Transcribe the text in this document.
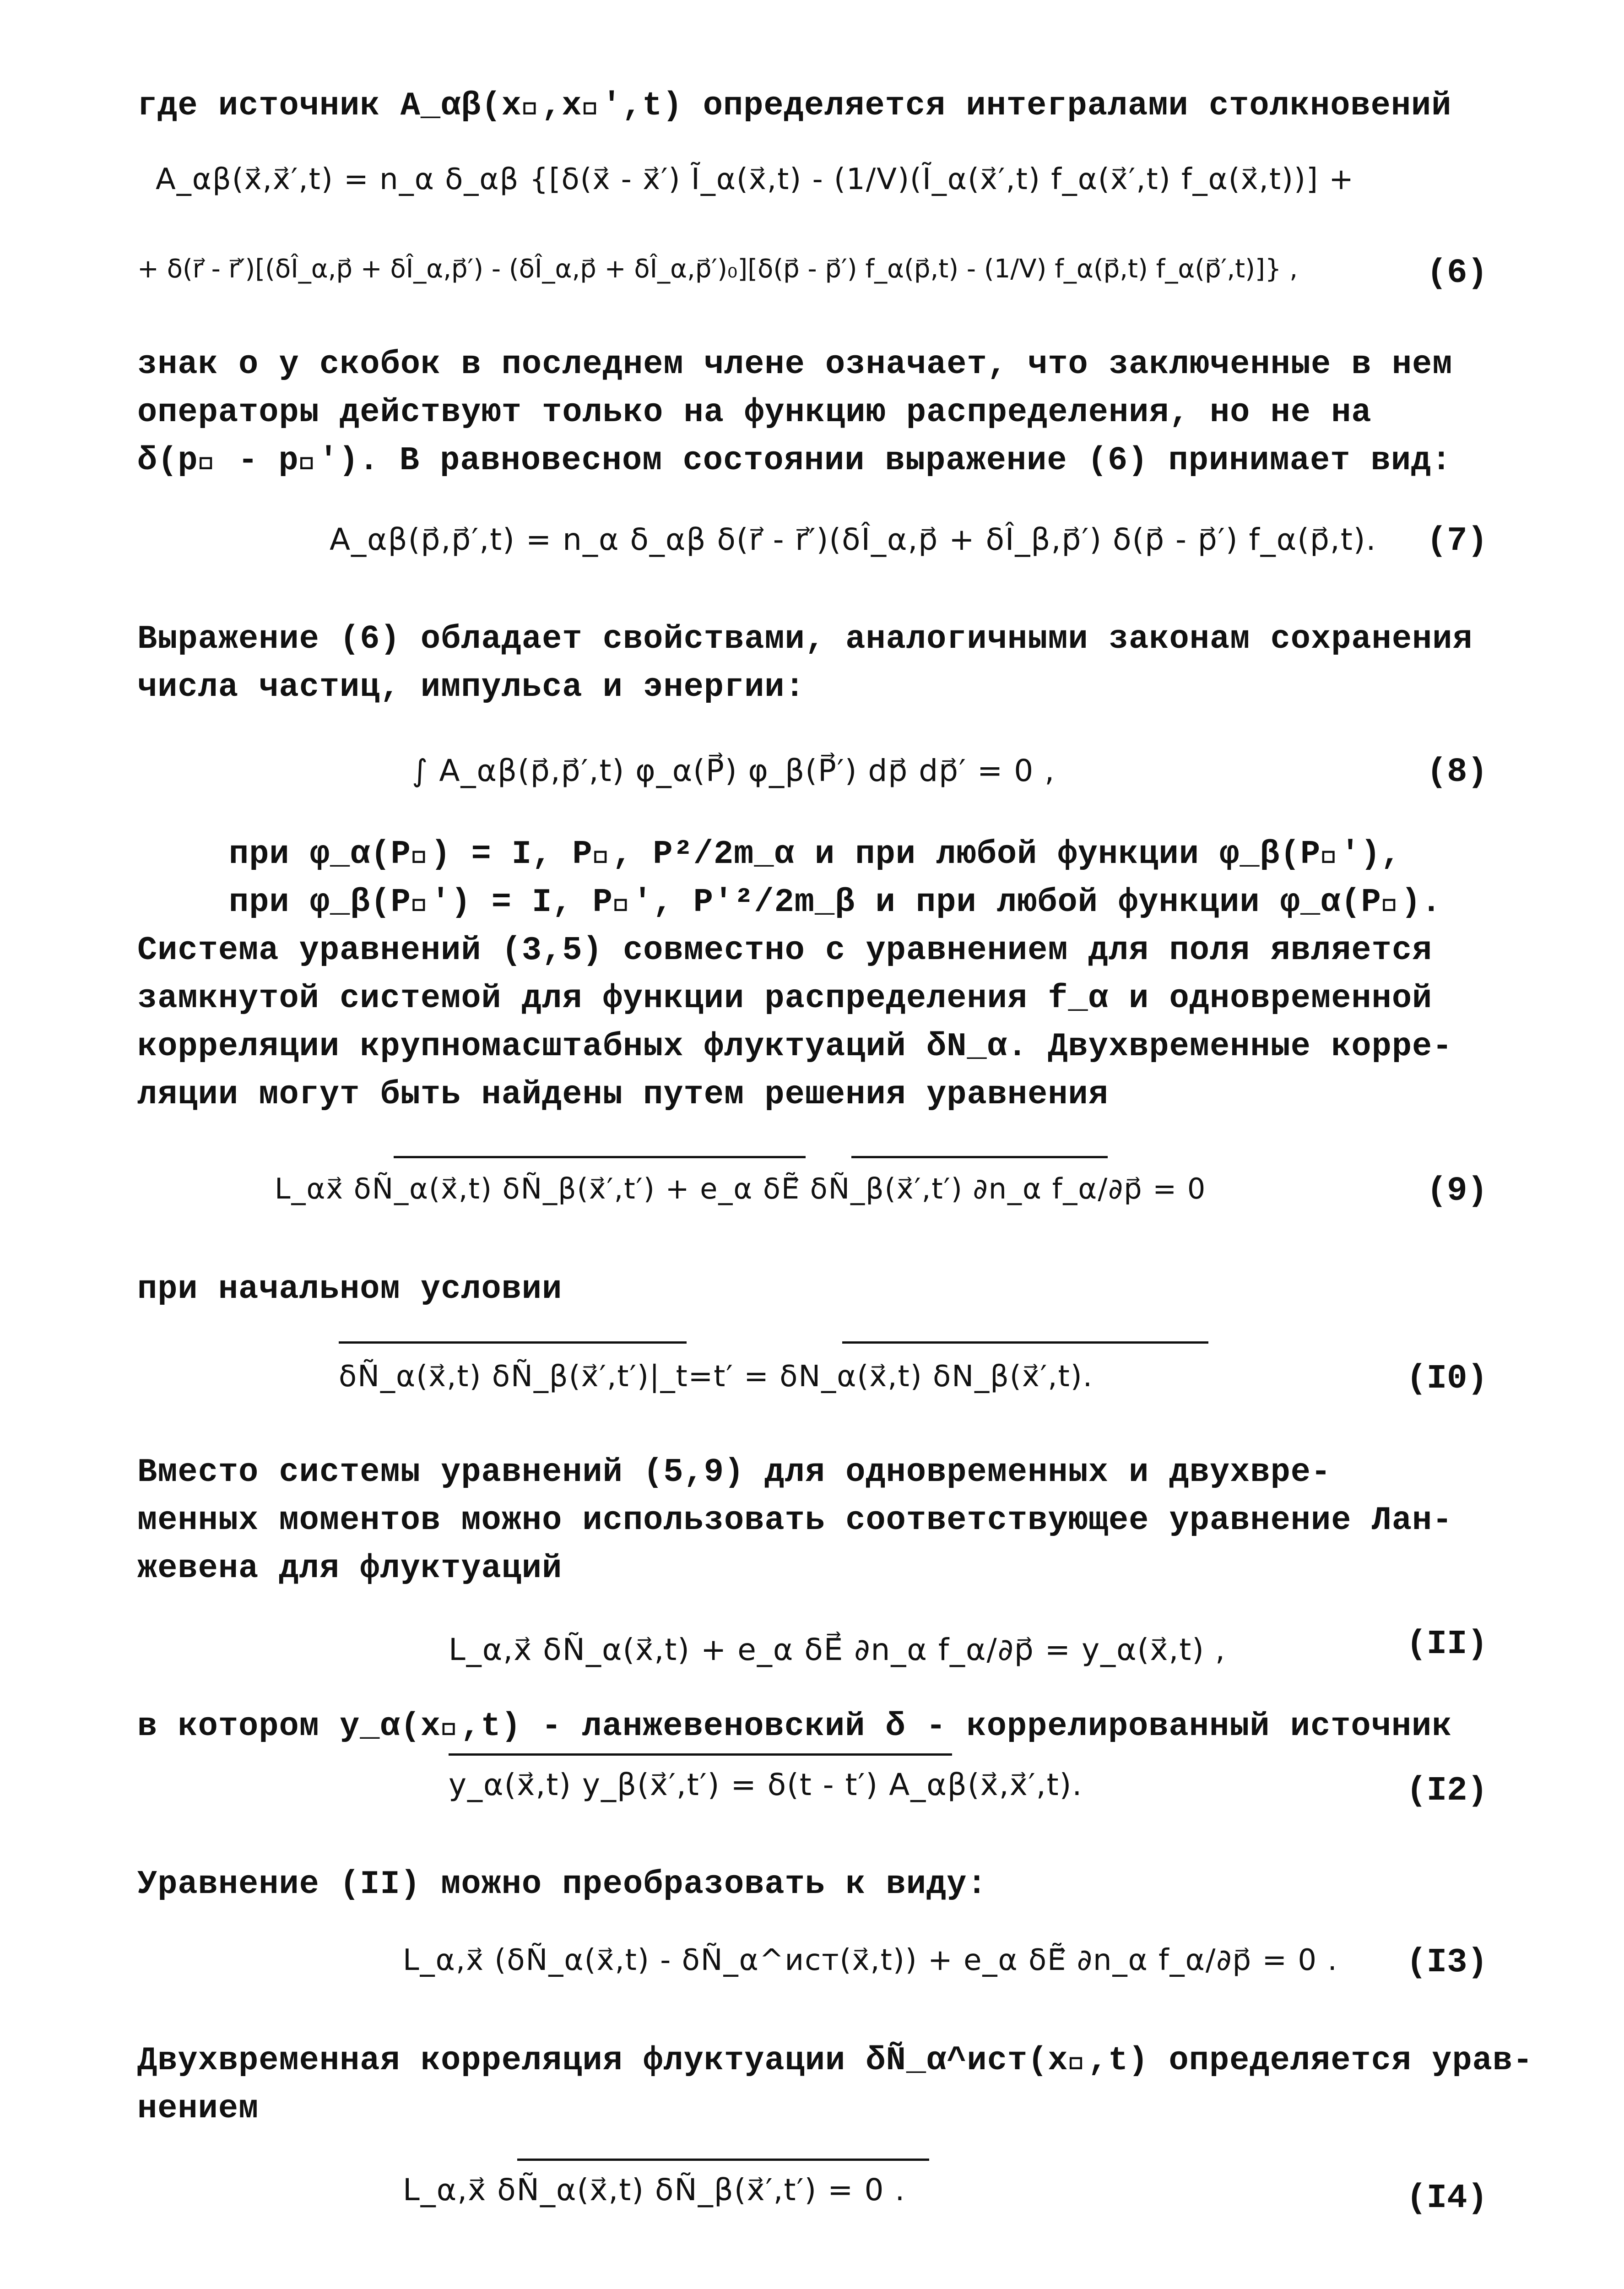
где источник A_αβ(x⃗,x⃗′,t) определяется интегралами столкновений
A_αβ(x⃗,x⃗′,t) = n_α δ_αβ {[δ(x⃗ - x⃗′) Ĩ_α(x⃗,t) - (1/V)(Ĩ_α(x⃗′,t) f_α(x⃗′,t) f_α(x⃗,t))] +
+ δ(r⃗ - r⃗′)[(δÎ_α,p⃗ + δÎ_α,p⃗′) - (δÎ_α,p⃗ + δÎ_α,p⃗′)₀][δ(p⃗ - p⃗′) f_α(p⃗,t) - (1/V) f_α(p⃗,t) f_α(p⃗′,t)]} ,	(6)
знак о у скобок в последнем члене означает, что заключенные в нем
операторы действуют только на функцию распределения, но не на
δ(p⃗ - p⃗′). В равновесном состоянии выражение (6) принимает вид:
A_αβ(p⃗,p⃗′,t) = n_α δ_αβ δ(r⃗ - r⃗′)(δÎ_α,p⃗ + δÎ_β,p⃗′) δ(p⃗ - p⃗′) f_α(p⃗,t). (7)
Выражение (6) обладает свойствами, аналогичными законам сохранения
числа частиц, импульса и энергии:
∫ A_αβ(p⃗,p⃗′,t) φ_α(P⃗) φ_β(P⃗′) dp⃗ dp⃗′ = 0 ,	(8)
при φ_α(P⃗) = I, P⃗, P²/2m_α и при любой функции φ_β(P⃗′),
при φ_β(P⃗′) = I, P⃗′, P′²/2m_β и при любой функции φ_α(P⃗).
Система уравнений (3,5) совместно с уравнением для поля является
замкнутой системой для функции распределения f_α и одновременной
корреляции крупномасштабных флуктуаций δN_α. Двухвременные корре-
ляции могут быть найдены путем решения уравнения
L_αx⃗ δÑ_α(x⃗,t) δÑ_β(x⃗′,t′) + e_α δẼ⃗ δÑ_β(x⃗′,t′) ∂n_α f_α/∂p⃗ = 0	(9)
при начальном условии
δÑ_α(x⃗,t) δÑ_β(x⃗′,t′)|_t=t′ = δN_α(x⃗,t) δN_β(x⃗′,t).	(I0)
Вместо системы уравнений (5,9) для одновременных и двухвре-
менных моментов можно использовать соответствующее уравнение Лан-
жевена для флуктуаций
L_α,x⃗ δÑ_α(x⃗,t) + e_α δE⃗ ∂n_α f_α/∂p⃗ = y_α(x⃗,t) ,	(II)
в котором y_α(x⃗,t) - ланжевеновский δ - коррелированный источник
y_α(x⃗,t) y_β(x⃗′,t′) = δ(t - t′) A_αβ(x⃗,x⃗′,t).	(I2)
Уравнение (II) можно преобразовать к виду:
L_α,x⃗ (δÑ_α(x⃗,t) - δÑ_α^ист(x⃗,t)) + e_α δẼ⃗ ∂n_α f_α/∂p⃗ = 0 . (I3)
Двухвременная корреляция флуктуации δÑ_α^ист(x⃗,t) определяется урав-
нением
L_α,x⃗ δÑ_α(x⃗,t) δÑ_β(x⃗′,t′) = 0 .	(I4)
